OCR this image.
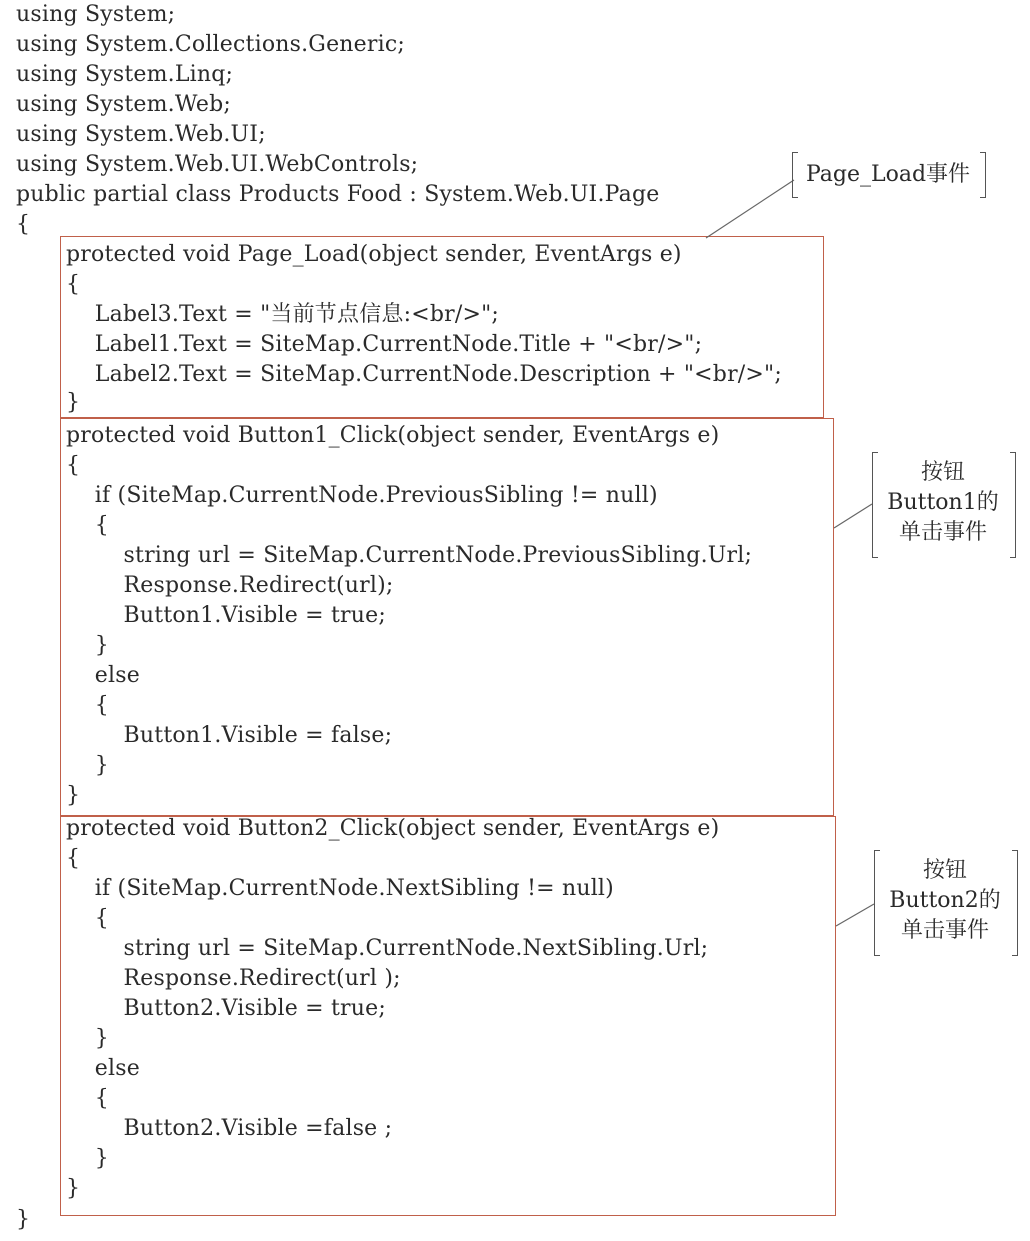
using System;
using System.Collections.Generic;
using System.Linq;
using System.Web;
using System.Web.UI;
using System.Web.UI.WebControls;
public partial class Products Food : System.Web.UI.Page
{
protected void Page_Load(object sender, EventArgs e)
{
Label3.Text = "当前节点信息:<br/>";
Label1.Text = SiteMap.CurrentNode.Title + "<br/>";
Label2.Text = SiteMap.CurrentNode.Description + "<br/>";
}
protected void Button1_Click(object sender, EventArgs e)
{
if (SiteMap.CurrentNode.PreviousSibling != null)
{
string url = SiteMap.CurrentNode.PreviousSibling.Url;
Response.Redirect(url);
Button1.Visible = true;
}
else
{
Button1.Visible = false;
}
}
protected void Button2_Click(object sender, EventArgs e)
{
if (SiteMap.CurrentNode.NextSibling != null)
{
string url = SiteMap.CurrentNode.NextSibling.Url;
Response.Redirect(url );
Button2.Visible = true;
}
else
{
Button2.Visible =false ;
}
}
}
Page_Load事件
按钮
Button1的
单击事件
按钮
Button2的
单击事件
